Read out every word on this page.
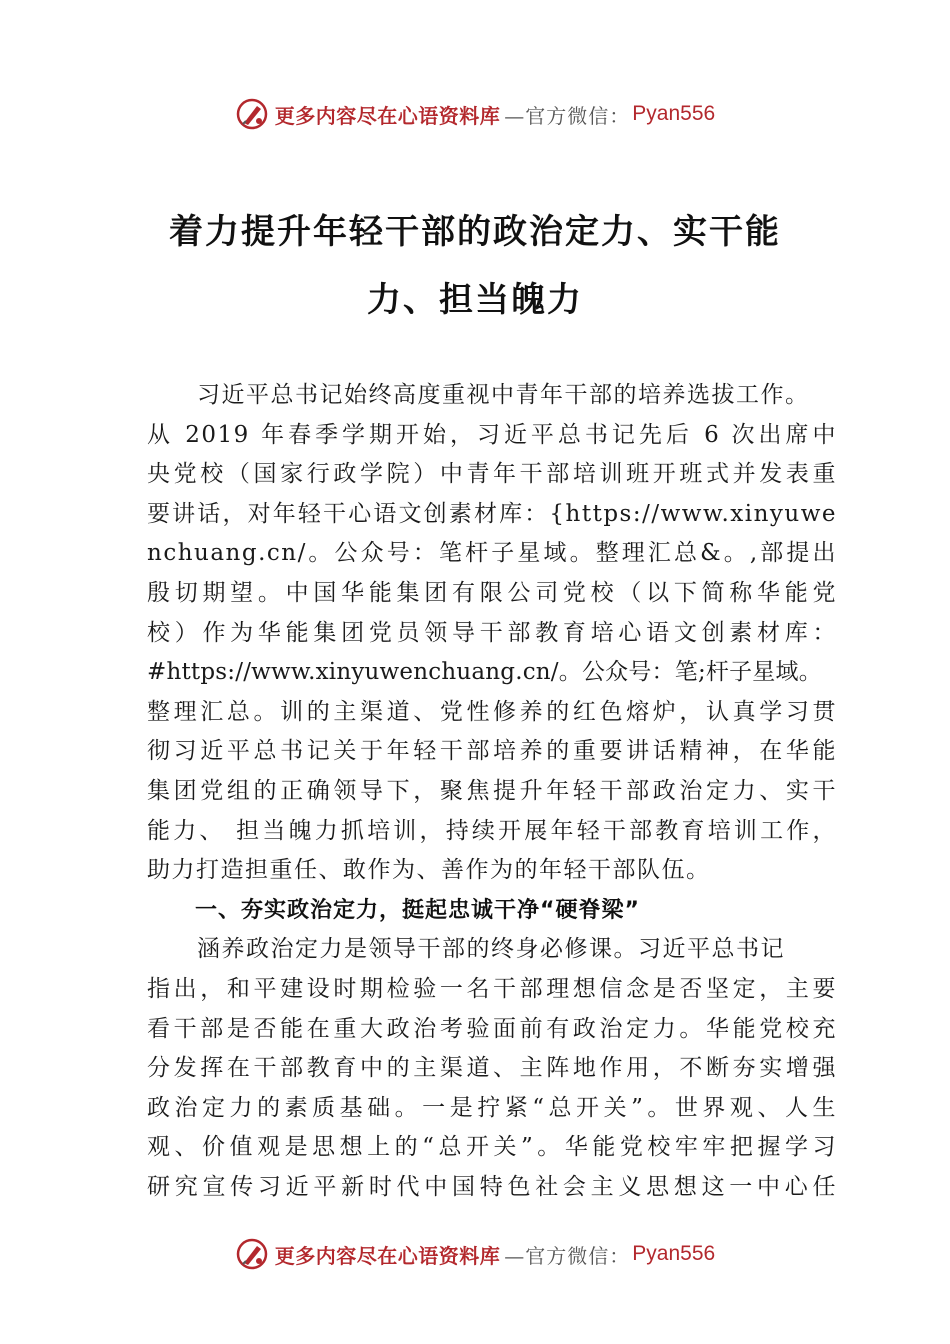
更多内容尽在心语资料库 —官方微信： Pyan556
着力提升年轻干部的政治定力、实干能
力、担当魄力
习近平总书记始终高度重视中青年干部的培养选拔工作。
从 2019 年春季学期开始，习近平总书记先后 6 次出席中
央党校（国家行政学院）中青年干部培训班开班式并发表重
要讲话，对年轻干心语文创素材库：{https://www.xinyuwe
nchuang.cn/。公众号：笔杆子星域。整理汇总&。,部提出
殷切期望。中国华能集团有限公司党校（以下简称华能党
校）作为华能集团党员领导干部教育培心语文创素材库：
#https://www.xinyuwenchuang.cn/。公众号：笔;杆子星域。
整理汇总。训的主渠道、党性修养的红色熔炉，认真学习贯
彻习近平总书记关于年轻干部培养的重要讲话精神，在华能
集团党组的正确领导下，聚焦提升年轻干部政治定力、实干
能力、 担当魄力抓培训，持续开展年轻干部教育培训工作，
助力打造担重任、敢作为、善作为的年轻干部队伍。
一、夯实政治定力，挺起忠诚干净“硬脊梁”
涵养政治定力是领导干部的终身必修课。习近平总书记
指出，和平建设时期检验一名干部理想信念是否坚定，主要
看干部是否能在重大政治考验面前有政治定力。华能党校充
分发挥在干部教育中的主渠道、主阵地作用，不断夯实增强
政治定力的素质基础。一是拧紧“总开关”。世界观、人生
观、价值观是思想上的“总开关”。华能党校牢牢把握学习
研究宣传习近平新时代中国特色社会主义思想这一中心任
更多内容尽在心语资料库 —官方微信： Pyan556
